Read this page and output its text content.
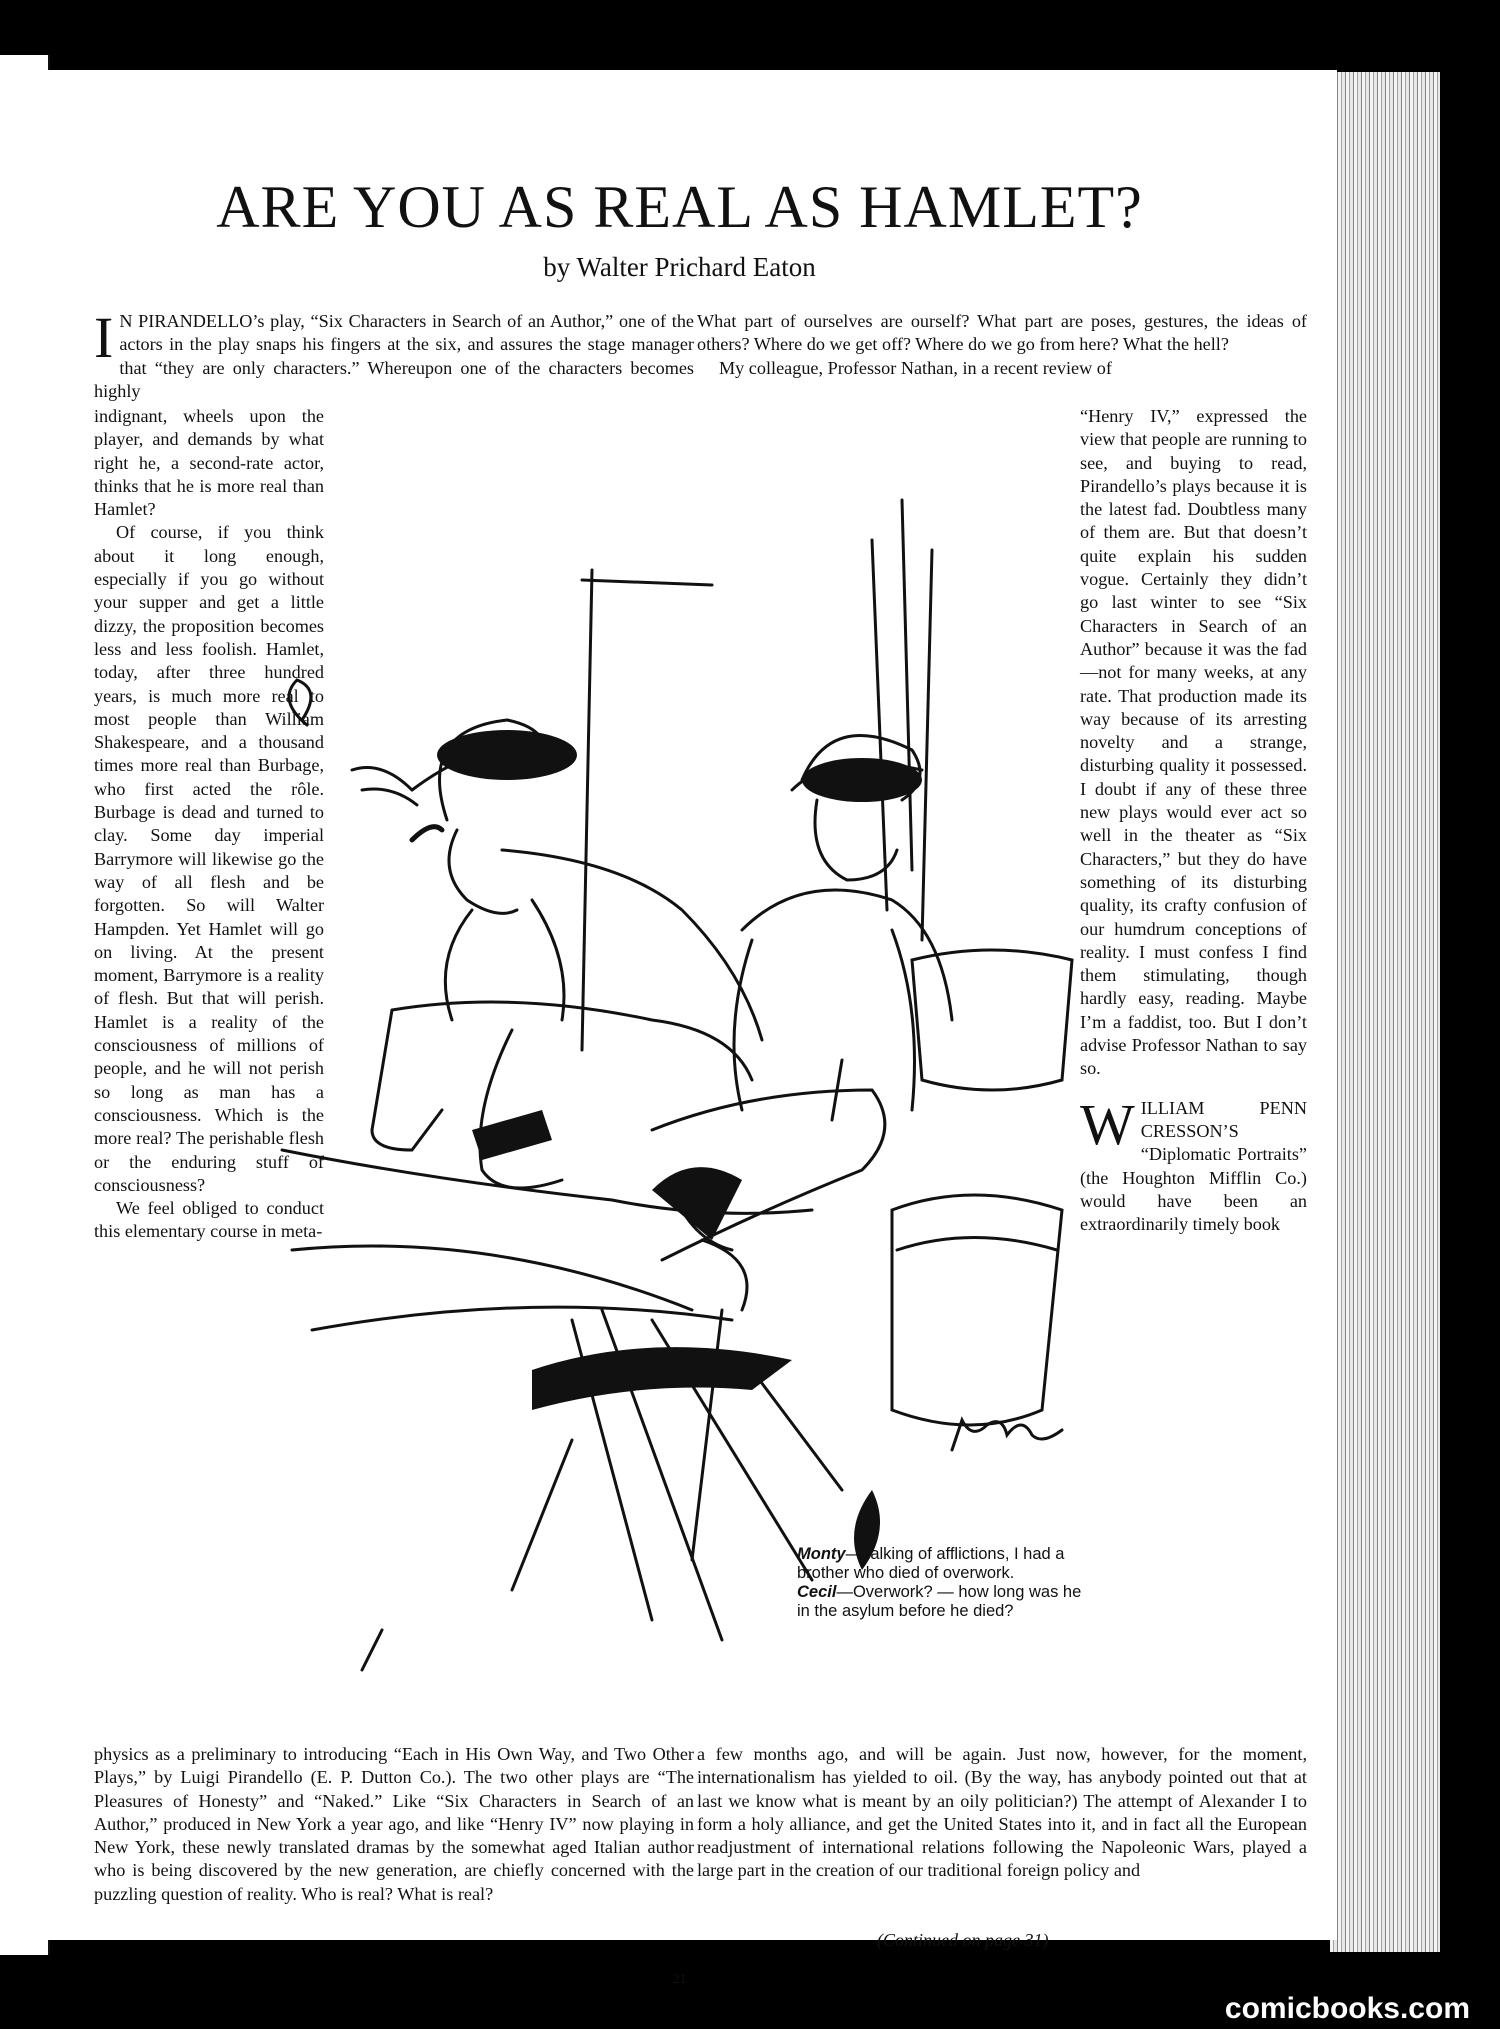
ARE YOU AS REAL AS HAMLET?
by Walter Prichard Eaton
I N PIRANDELLO’s play, “Six Characters in Search of an Author,” one of the actors in the play snaps his fingers at the six, and assures the stage manager that “they are only characters.” Whereupon one of the characters becomes highly

indignant, wheels upon the player, and demands by what right he, a second-rate actor, thinks that he is more real than Hamlet?

Of course, if you think about it long enough, especially if you go without your supper and get a little dizzy, the proposition becomes less and less foolish. Hamlet, today, after three hundred years, is much more real to most people than William Shakespeare, and a thousand times more real than Burbage, who first acted the rôle. Burbage is dead and turned to clay. Some day imperial Barrymore will likewise go the way of all flesh and be forgotten. So will Walter Hampden. Yet Hamlet will go on living. At the present moment, Barrymore is a reality of flesh. But that will perish. Hamlet is a reality of the consciousness of millions of people, and he will not perish so long as man has a consciousness. Which is the more real? The perishable flesh or the enduring stuff of consciousness?

We feel obliged to conduct this elementary course in meta-

physics as a preliminary to introducing “Each in His Own Way, and Two Other Plays,” by Luigi Pirandello (E. P. Dutton Co.). The two other plays are “The Pleasures of Honesty” and “Naked.” Like “Six Characters in Search of an Author,” produced in New York a year ago, and like “Henry IV” now playing in New York, these newly translated dramas by the somewhat aged Italian author who is being discovered by the new generation, are chiefly concerned with the puzzling question of reality. Who is real? What is real?

What part of ourselves are ourself? What part are poses, gestures, the ideas of others? Where do we get off? Where do we go from here? What the hell?

My colleague, Professor Nathan, in a recent review of

“Henry IV,” expressed the view that people are running to see, and buying to read, Pirandello’s plays because it is the latest fad. Doubtless many of them are. But that doesn’t quite explain his sudden vogue. Certainly they didn’t go last winter to see “Six Characters in Search of an Author” because it was the fad—not for many weeks, at any rate. That production made its way because of its arresting novelty and a strange, disturbing quality it possessed. I doubt if any of these three new plays would ever act so well in the theater as “Six Characters,” but they do have something of its disturbing quality, its crafty confusion of our humdrum conceptions of reality. I must confess I find them stimulating, though hardly easy, reading. Maybe I’m a faddist, too. But I don’t advise Professor Nathan to say so.

W ILLIAM PENN CRESSON’S “Diplomatic Portraits” (the Houghton Mifflin Co.) would have been an extraordinarily timely book

a few months ago, and will be again. Just now, however, for the moment, internationalism has yielded to oil. (By the way, has anybody pointed out that at last we know what is meant by an oily politician?) The attempt of Alexander I to form a holy alliance, and get the United States into it, and in fact all the European readjustment of international relations following the Napoleonic Wars, played a large part in the creation of our traditional foreign policy and

(Continued on page 31)
21

Monty—Talking of afflictions, I had a brother who died of overwork.

Cecil—Overwork? — how long was he in the asylum before he died?

comicbooks.com
